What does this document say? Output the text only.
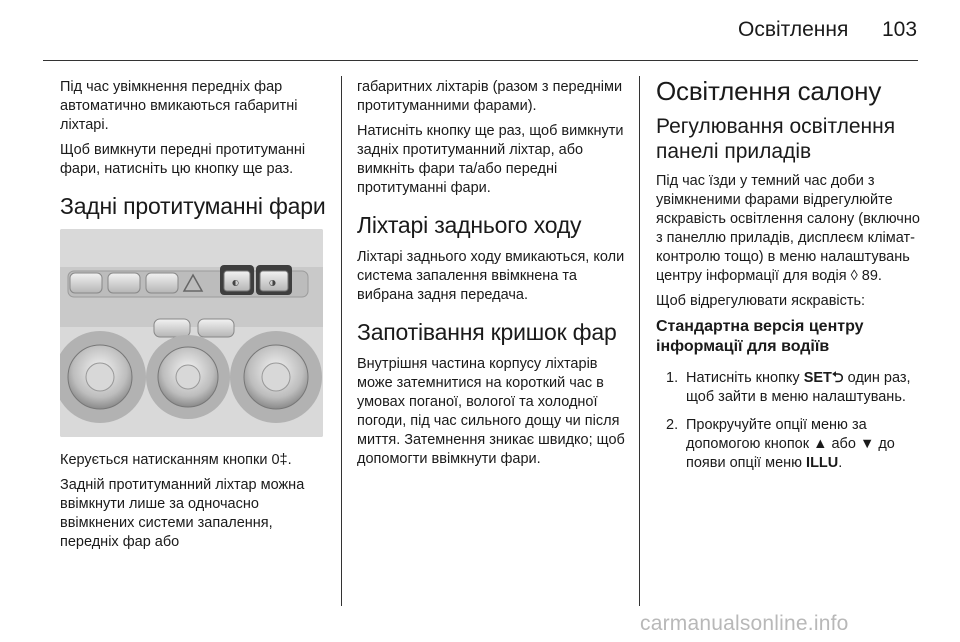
Освітлення 103

Під час увімкнення передніх фар автоматично вмикаються габаритні ліхтарі.

Щоб вимкнути передні протитуманні фари, натисніть цю кнопку ще раз.

Задні протитуманні фари
◐	◑

Керується натисканням кнопки 0‡.

Задній протитуманний ліхтар можна ввімкнути лише за одночасно ввімкнених системи запалення, передніх фар або

габаритних ліхтарів (разом з передніми протитуманними фарами).

Натисніть кнопку ще раз, щоб вимкнути задніх протитуманний ліхтар, або вимкніть фари та/або передні протитуманні фари.

Ліхтарі заднього ходу

Ліхтарі заднього ходу вмикаються, коли система запалення ввімкнена та вибрана задня передача.

Запотівання кришок фар

Внутрішня частина корпусу ліхтарів може затемнитися на короткий час в умовах поганої, вологої та холодної погоди, під час сильного дощу чи після миття. Затемнення зникає швидко; щоб допомогти ввімкнути фари.

Освітлення салону
Регулювання освітлення панелі приладів

Під час їзди у темний час доби з увімкненими фарами відрегулюйте яскравість освітлення салону (включно з панеллю приладів, дисплеєм клімат-контролю тощо) в меню налаштувань центру інформації для водія ◊ 89.

Щоб відрегулювати яскравість:

Стандартна версія центру інформації для водіїв
1. Натисніть кнопку SET⮌ один раз, щоб зайти в меню налаштувань.
2. Прокручуйте опції меню за допомогою кнопок ▲ або ▼ до появи опції меню ILLU.
carmanualsonline.info
